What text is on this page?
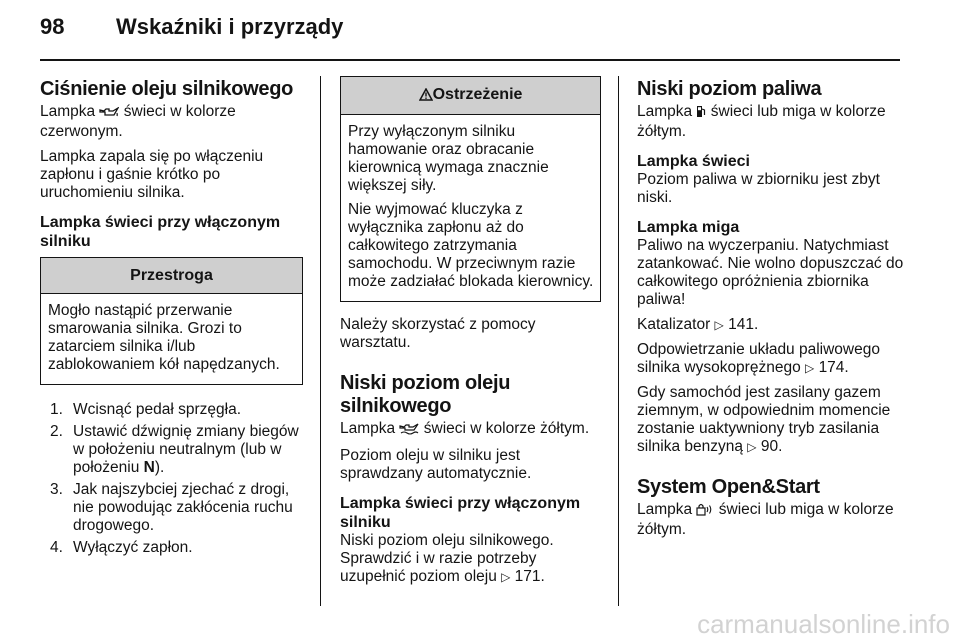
98 Wskaźniki i przyrządy
Ciśnienie oleju silnikowego

Lampka  świeci w kolorze czerwonym.

Lampka zapala się po włączeniu zapłonu i gaśnie krótko po uruchomieniu silnika.

Lampka świeci przy włączonym silniku
Przestroga

Mogło nastąpić przerwanie smarowania silnika. Grozi to zatarciem silnika i/lub zablokowaniem kół napędzanych.

1. Wcisnąć pedał sprzęgła.
2. Ustawić dźwignię zmiany biegów w położeniu neutralnym (lub w położeniu N).
3. Jak najszybciej zjechać z drogi, nie powodując zakłócenia ruchu drogowego.
4. Wyłączyć zapłon.
Ostrzeżenie

Przy wyłączonym silniku hamowanie oraz obracanie kierownicą wymaga znacznie większej siły.

Nie wyjmować kluczyka z wyłącznika zapłonu aż do całkowitego zatrzymania samochodu. W przeciwnym razie może zadziałać blokada kierownicy.

Należy skorzystać z pomocy warsztatu.

Niski poziom oleju silnikowego

Lampka  świeci w kolorze żółtym.

Poziom oleju w silniku jest sprawdzany automatycznie.

Lampka świeci przy włączonym silniku

Niski poziom oleju silnikowego. Sprawdzić i w razie potrzeby uzupełnić poziom oleju ▷ 171.

Niski poziom paliwa

Lampka  świeci lub miga w kolorze żółtym.

Lampka świeci

Poziom paliwa w zbiorniku jest zbyt niski.

Lampka miga

Paliwo na wyczerpaniu. Natychmiast zatankować. Nie wolno dopuszczać do całkowitego opróżnienia zbiornika paliwa!

Katalizator ▷ 141.

Odpowietrzanie układu paliwowego silnika wysokoprężnego ▷ 174.

Gdy samochód jest zasilany gazem ziemnym, w odpowiednim momencie zostanie uaktywniony tryb zasilania silnika benzyną ▷ 90.

System Open&Start

Lampka  świeci lub miga w kolorze żółtym.

carmanualsonline.info
